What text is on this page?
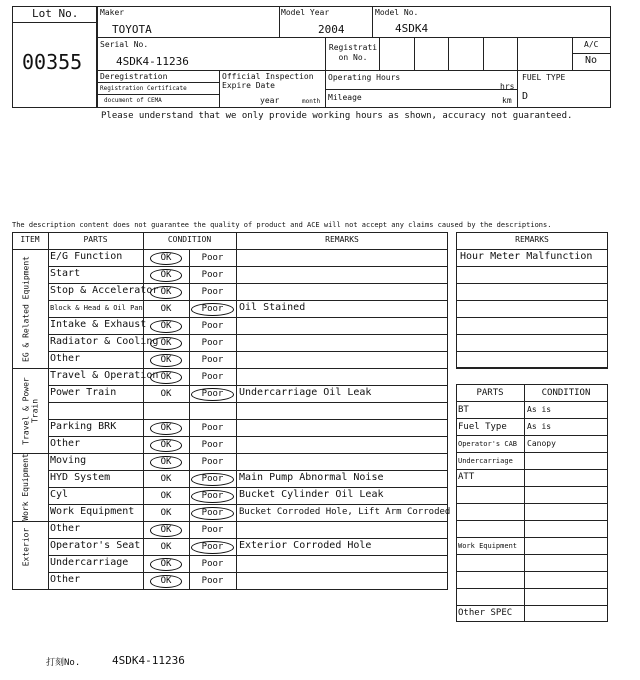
Lot No.
00355
Maker
TOYOTA
Model Year
2004
Model No.
4SDK4
Serial No.
4SDK4-11236
Registrati on No.
A/C
No
Deregistration
Registration Certificate
document of CEMA
Official Inspection Expire Date
year	month
Operating Hours
hrs
Mileage	km
FUEL TYPE
D
Please understand that we only provide working hours as shown, accuracy not guaranteed.
The description content does not guarantee the quality of product and ACE will not accept any claims caused by the descriptions.
ITEM	PARTS	CONDITION	REMARKS
E/G Function	OK	Poor
Start	OK	Poor
Stop & Accelerator OK	Poor
Block & Head & Oil Pan	OK	Poor	Oil Stained
Intake & Exhaust	OK	Poor
Radiator & Cooling OK	Poor
Other	OK	Poor
Travel & Operation OK	Poor
Power Train	OK	Poor	Undercarriage Oil Leak
Parking BRK	OK	Poor
Other	OK	Poor
Moving	OK	Poor
HYD System	OK	Poor	Main Pump Abnormal Noise
Cyl	OK	Poor	Bucket Cylinder Oil Leak
Work Equipment	OK	Poor	Bucket Corroded Hole, Lift Arm Corroded
Other	OK	Poor
Operator's Seat	OK	Poor	Exterior Corroded Hole
Undercarriage	OK	Poor
Other	OK	Poor
EG & Related Equipment
Travel & Power Train
Work Equipment
Exterior
REMARKS
Hour Meter Malfunction
PARTS	CONDITION
BT	As is
Fuel Type	As is
Operator's CAB	Canopy
Undercarriage
ATT
Work Equipment
Other SPEC
打刻No.	4SDK4-11236
